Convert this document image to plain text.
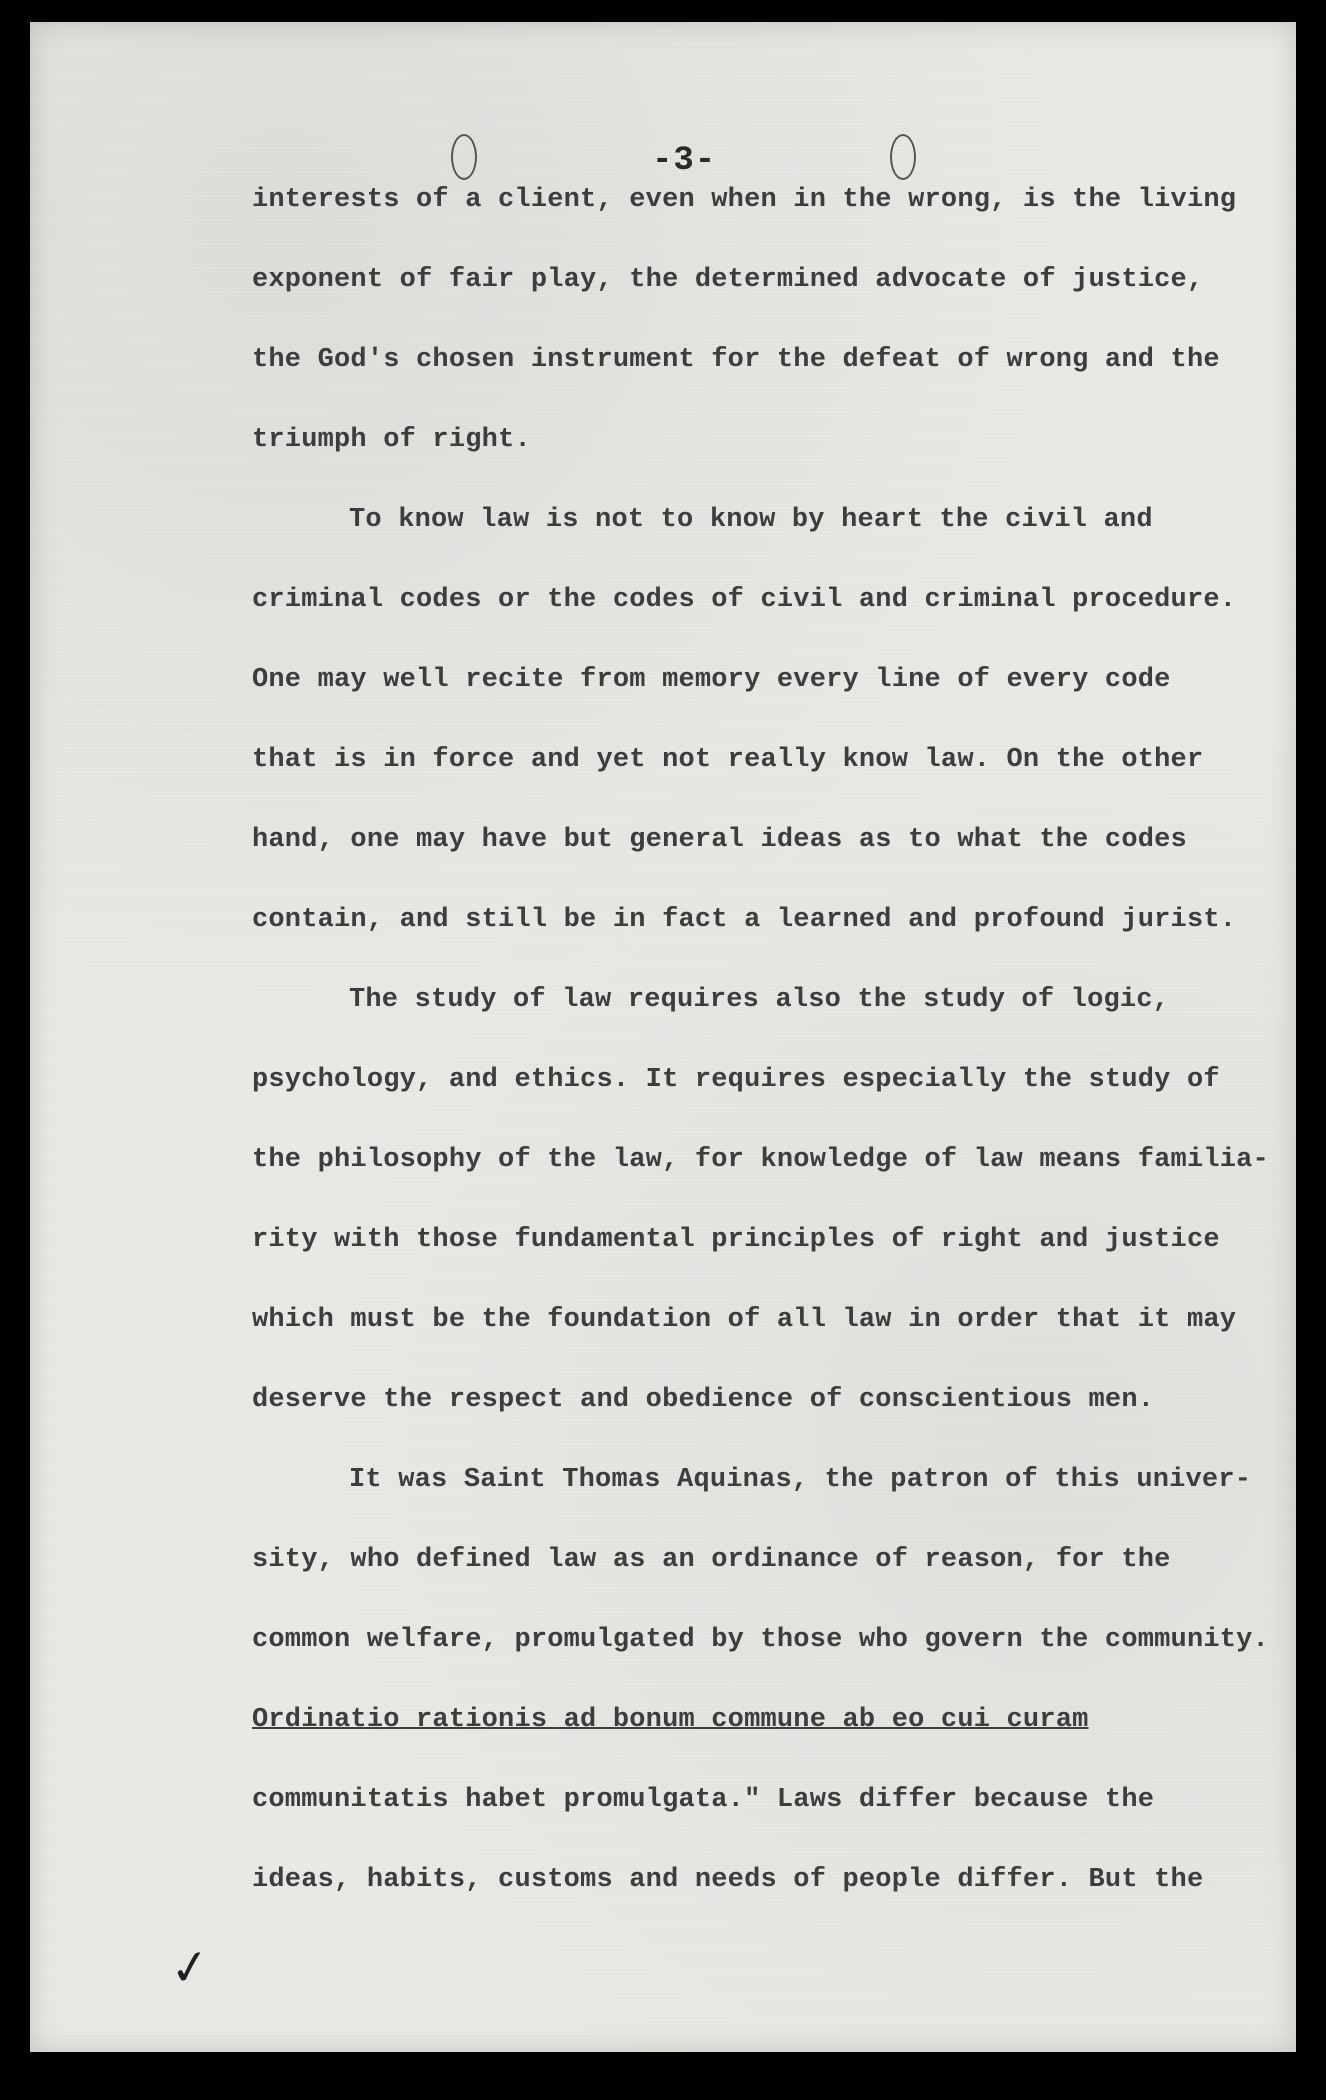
-3-
interests of a client, even when in the wrong, is the living
exponent of fair play, the determined advocate of justice,
the God's chosen instrument for the defeat of wrong and the
triumph of right.
To know law is not to know by heart the civil and
criminal codes or the codes of civil and criminal procedure.
One may well recite from memory every line of every code
that is in force and yet not really know law. On the other
hand, one may have but general ideas as to what the codes
contain, and still be in fact a learned and profound jurist.
The study of law requires also the study of logic,
psychology, and ethics. It requires especially the study of
the philosophy of the law, for knowledge of law means familia-
rity with those fundamental principles of right and justice
which must be the foundation of all law in order that it may
deserve the respect and obedience of conscientious men.
It was Saint Thomas Aquinas, the patron of this univer-
sity, who defined law as an ordinance of reason, for the
common welfare, promulgated by those who govern the community.
Ordinatio rationis ad bonum commune ab eo cui curam
communitatis habet promulgata." Laws differ because the
ideas, habits, customs and needs of people differ. But the
✓
